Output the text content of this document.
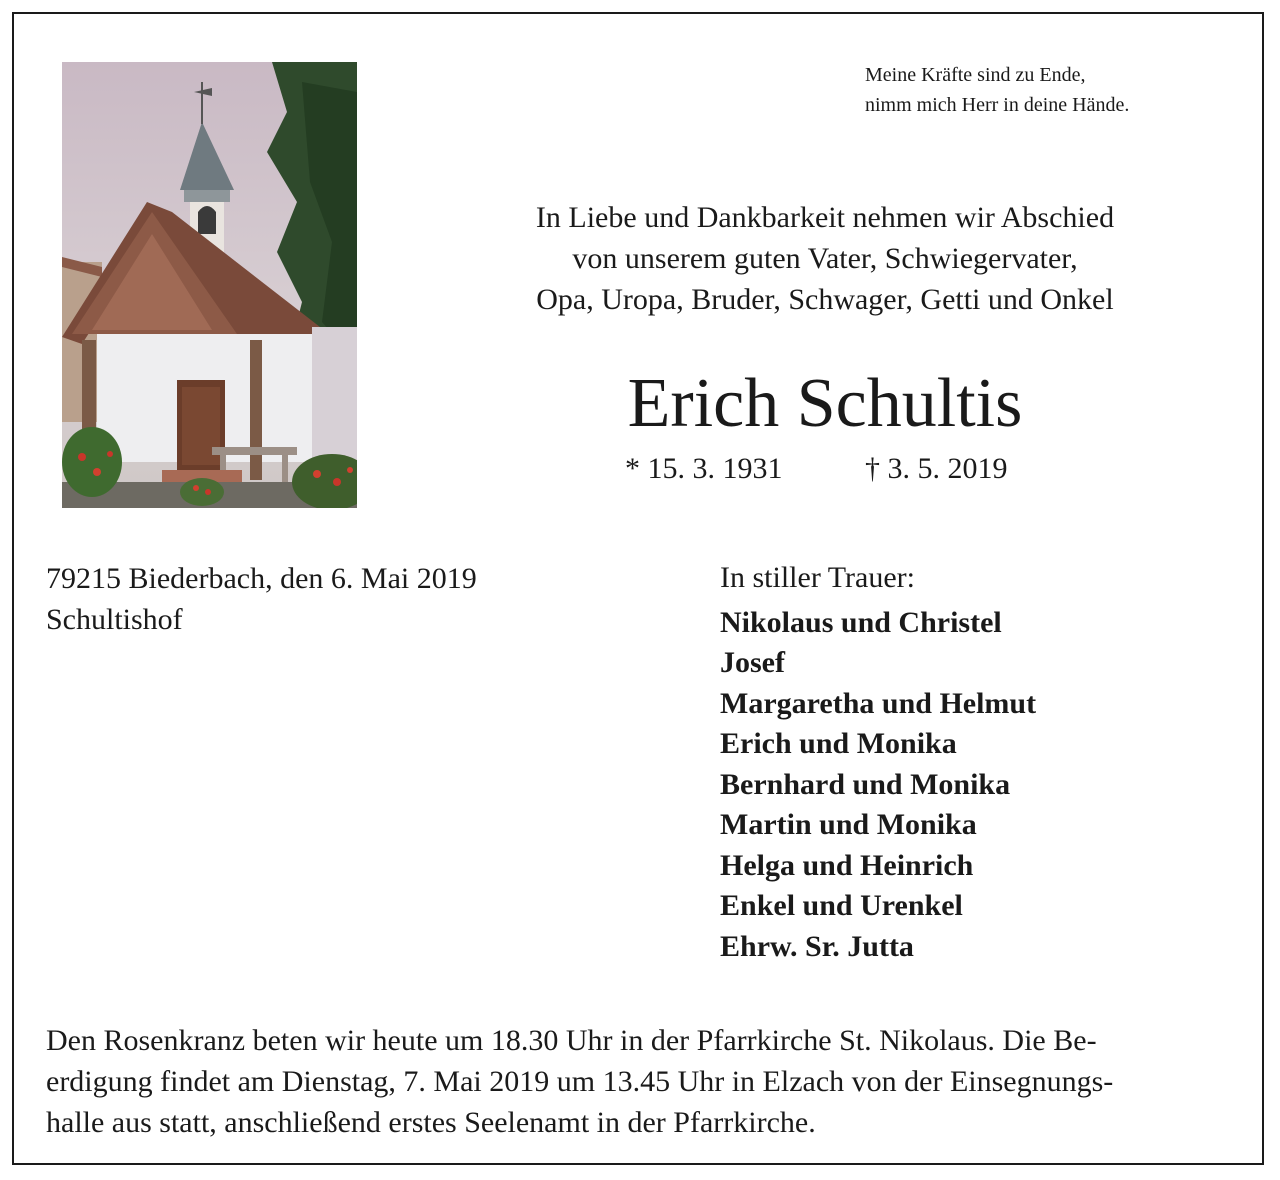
Meine Kräfte sind zu Ende,
nimm mich Herr in deine Hände.
In Liebe und Dankbarkeit nehmen wir Abschied
von unserem guten Vater, Schwiegervater,
Opa, Uropa, Bruder, Schwager, Getti und Onkel
Erich Schultis
* 15. 3. 1931	† 3. 5. 2019
79215 Biederbach, den 6. Mai 2019
Schultishof
In stiller Trauer:
Nikolaus und Christel
Josef
Margaretha und Helmut
Erich und Monika
Bernhard und Monika
Martin und Monika
Helga und Heinrich
Enkel und Urenkel
Ehrw. Sr. Jutta
Den Rosenkranz beten wir heute um 18.30 Uhr in der Pfarrkirche St. Nikolaus. Die Be-
erdigung findet am Dienstag, 7. Mai 2019 um 13.45 Uhr in Elzach von der Einsegnungs-
halle aus statt, anschließend erstes Seelenamt in der Pfarrkirche.
